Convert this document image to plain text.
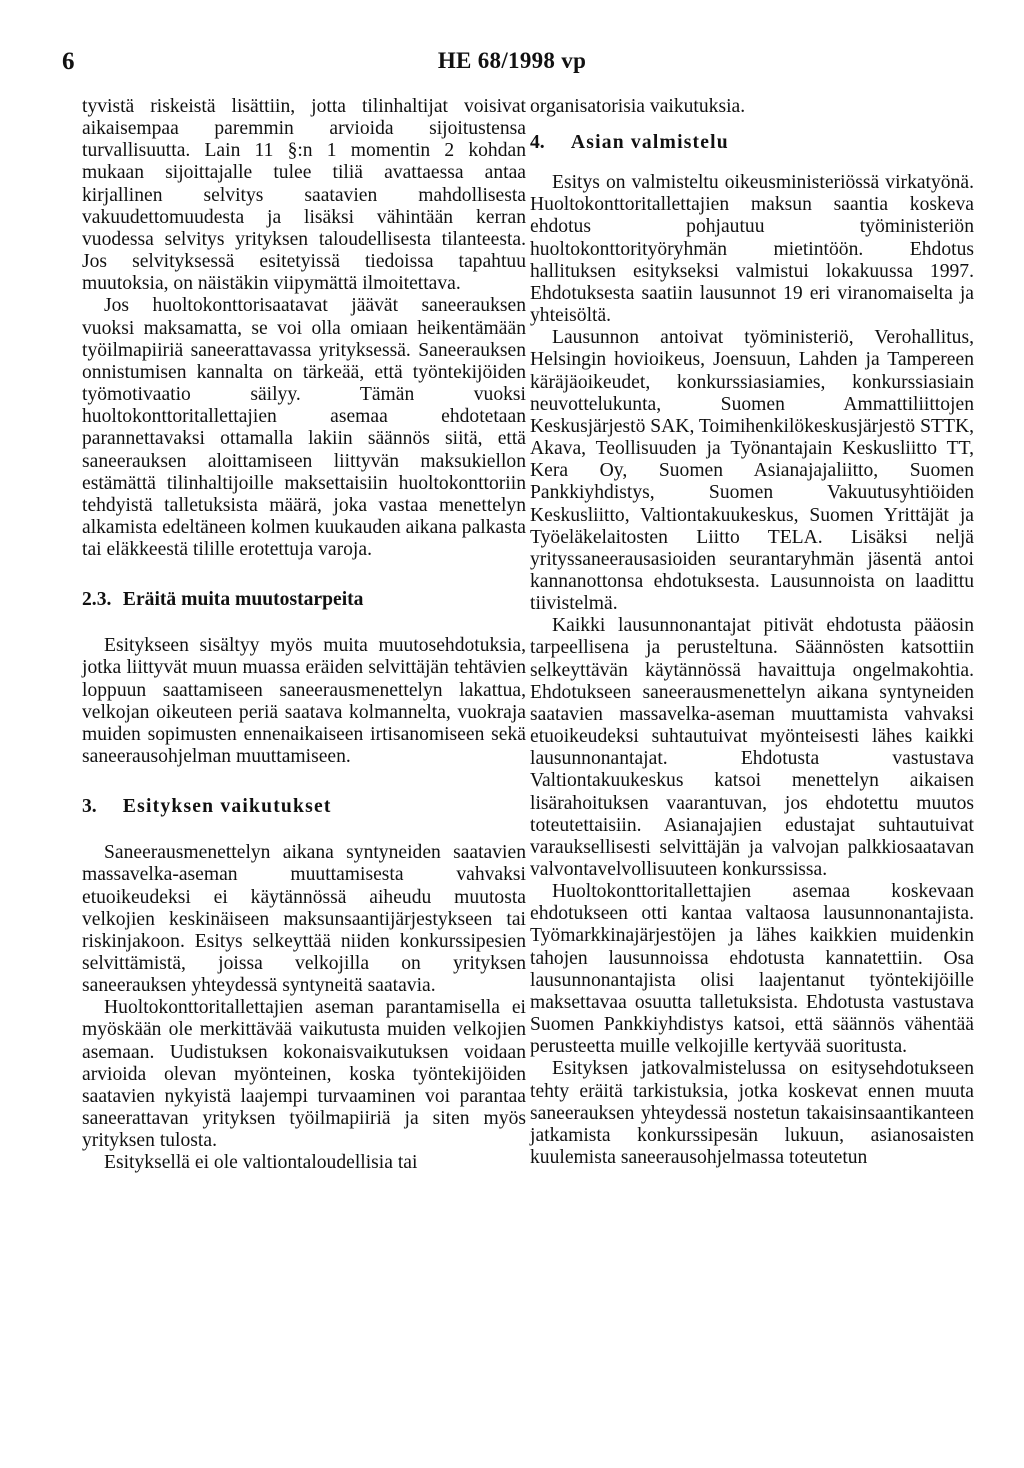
6	HE 68/1998 vp

tyvistä riskeistä lisättiin, jotta tilinhaltijat voisivat aikaisempaa paremmin arvioida sijoitustensa turvallisuutta. Lain 11 §:n 1 momentin 2 kohdan mukaan sijoittajalle tulee tiliä avattaessa antaa kirjallinen selvitys saatavien mahdollisesta vakuudettomuudesta ja lisäksi vähintään kerran vuodessa selvitys yrityksen taloudellisesta tilanteesta. Jos selvityksessä esitetyissä tiedoissa tapahtuu muutoksia, on näistäkin viipymättä ilmoitettava.

Jos huoltokonttorisaatavat jäävät saneerauksen vuoksi maksamatta, se voi olla omiaan heikentämään työilmapiiriä saneerattavassa yrityksessä. Saneerauksen onnistumisen kannalta on tärkeää, että työntekijöiden työmotivaatio säilyy. Tämän vuoksi huoltokonttoritallettajien asemaa ehdotetaan parannettavaksi ottamalla lakiin säännös siitä, että saneerauksen aloittamiseen liittyvän maksukiellon estämättä tilinhaltijoille maksettaisiin huoltokonttoriin tehdyistä talletuksista määrä, joka vastaa menettelyn alkamista edeltäneen kolmen kuukauden aikana palkasta tai eläkkeestä tilille erotettuja varoja.

2.3. Eräitä muita muutostarpeita

Esitykseen sisältyy myös muita muutosehdotuksia, jotka liittyvät muun muassa eräiden selvittäjän tehtävien loppuun saattamiseen saneerausmenettelyn lakattua, velkojan oikeuteen periä saatava kolmannelta, vuokraja muiden sopimusten ennenaikaiseen irtisanomiseen sekä saneerausohjelman muuttamiseen.

3. Esityksen vaikutukset

Saneerausmenettelyn aikana syntyneiden saatavien massavelka-aseman muuttamisesta vahvaksi etuoikeudeksi ei käytännössä aiheudu muutosta velkojien keskinäiseen maksunsaantijärjestykseen tai riskinjakoon. Esitys selkeyttää niiden konkurssipesien selvittämistä, joissa velkojilla on yrityksen saneerauksen yhteydessä syntyneitä saatavia.

Huoltokonttoritallettajien aseman parantamisella ei myöskään ole merkittävää vaikutusta muiden velkojien asemaan. Uudistuksen kokonaisvaikutuksen voidaan arvioida olevan myönteinen, koska työntekijöiden saatavien nykyistä laajempi turvaaminen voi parantaa saneerattavan yrityksen työilmapiiriä ja siten myös yrityksen tulosta.

Esityksellä ei ole valtiontaloudellisia tai

organisatorisia vaikutuksia.

4. Asian valmistelu

Esitys on valmisteltu oikeusministeriössä virkatyönä. Huoltokonttoritallettajien maksun saantia koskeva ehdotus pohjautuu työministeriön huoltokonttorityöryhmän mietintöön. Ehdotus hallituksen esitykseksi valmistui lokakuussa 1997. Ehdotuksesta saatiin lausunnot 19 eri viranomaiselta ja yhteisöltä.

Lausunnon antoivat työministeriö, Verohallitus, Helsingin hovioikeus, Joensuun, Lahden ja Tampereen käräjäoikeudet, konkurssiasiamies, konkurssiasiain neuvottelukunta, Suomen Ammattiliittojen Keskusjärjestö SAK, Toimihenkilökeskusjärjestö STTK, Akava, Teollisuuden ja Työnantajain Keskusliitto TT, Kera Oy, Suomen Asianajajaliitto, Suomen Pankkiyhdistys, Suomen Vakuutusyhtiöiden Keskusliitto, Valtiontakuukeskus, Suomen Yrittäjät ja Työeläkelaitosten Liitto TELA. Lisäksi neljä yrityssaneerausasioiden seurantaryhmän jäsentä antoi kannanottonsa ehdotuksesta. Lausunnoista on laadittu tiivistelmä.

Kaikki lausunnonantajat pitivät ehdotusta pääosin tarpeellisena ja perusteltuna. Säännösten katsottiin selkeyttävän käytännössä havaittuja ongelmakohtia. Ehdotukseen saneerausmenettelyn aikana syntyneiden saatavien massavelka-aseman muuttamista vahvaksi etuoikeudeksi suhtautuivat myönteisesti lähes kaikki lausunnonantajat. Ehdotusta vastustava Valtiontakuukeskus katsoi menettelyn aikaisen lisärahoituksen vaarantuvan, jos ehdotettu muutos toteutettaisiin. Asianajajien edustajat suhtautuivat varauksellisesti selvittäjän ja valvojan palkkiosaatavan valvontavelvollisuuteen konkurssissa.

Huoltokonttoritallettajien asemaa koskevaan ehdotukseen otti kantaa valtaosa lausunnonantajista. Työmarkkinajärjestöjen ja lähes kaikkien muidenkin tahojen lausunnoissa ehdotusta kannatettiin. Osa lausunnonantajista olisi laajentanut työntekijöille maksettavaa osuutta talletuksista. Ehdotusta vastustava Suomen Pankkiyhdistys katsoi, että säännös vähentää perusteetta muille velkojille kertyvää suoritusta.

Esityksen jatkovalmistelussa on esitysehdotukseen tehty eräitä tarkistuksia, jotka koskevat ennen muuta saneerauksen yhteydessä nostetun takaisinsaantikanteen jatkamista konkurssipesän lukuun, asianosaisten kuulemista saneerausohjelmassa toteutetun
